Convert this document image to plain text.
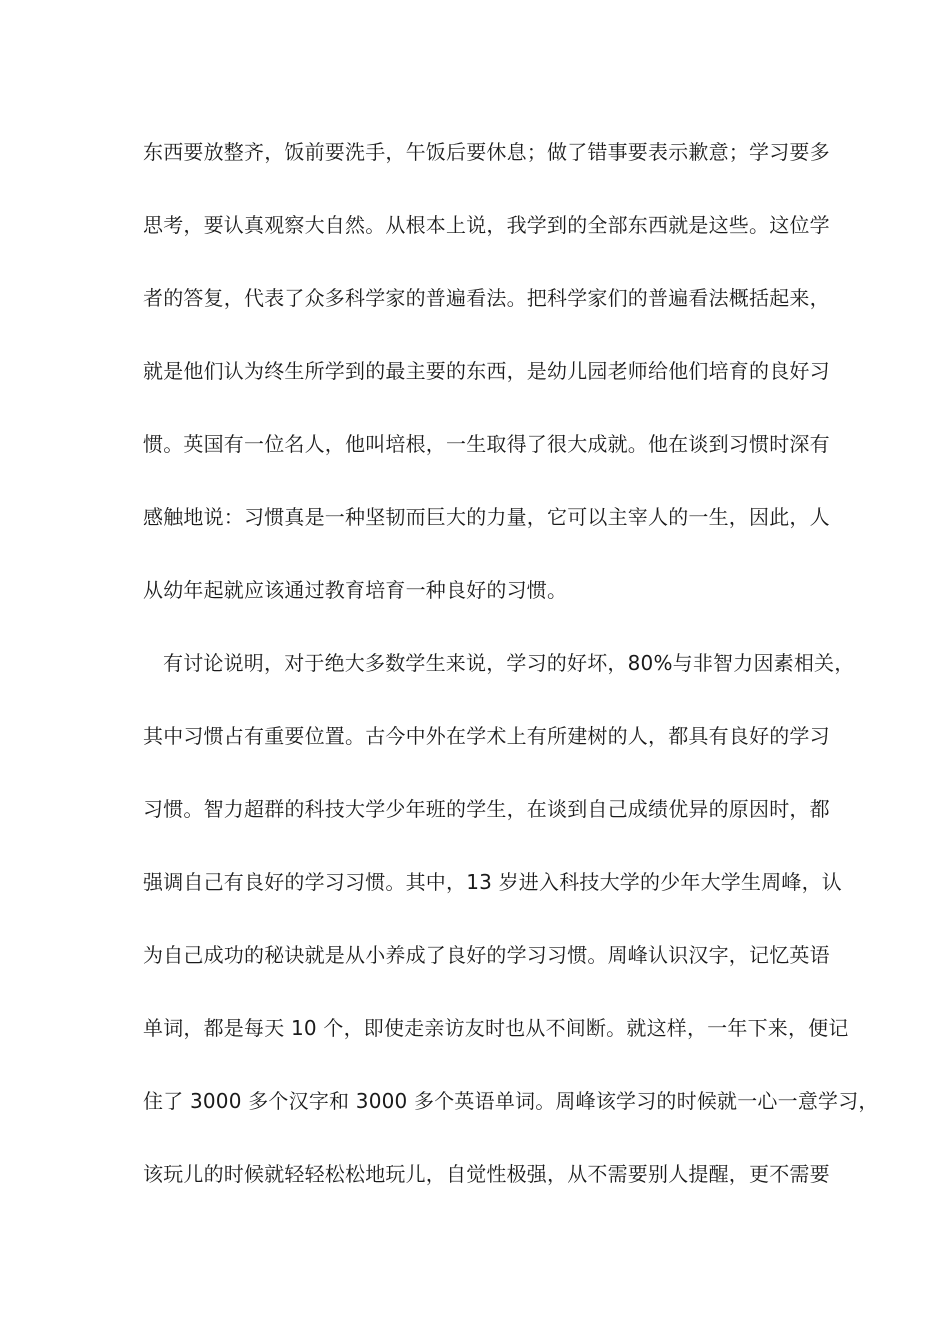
东西要放整齐，饭前要洗手，午饭后要休息；做了错事要表示歉意；学习要多
思考，要认真观察大自然。从根本上说，我学到的全部东西就是这些。这位学
者的答复，代表了众多科学家的普遍看法。把科学家们的普遍看法概括起来，
就是他们认为终生所学到的最主要的东西，是幼儿园老师给他们培育的良好习
惯。英国有一位名人，他叫培根，一生取得了很大成就。他在谈到习惯时深有
感触地说：习惯真是一种坚韧而巨大的力量，它可以主宰人的一生，因此，人
从幼年起就应该通过教育培育一种良好的习惯。
有讨论说明，对于绝大多数学生来说，学习的好坏，80%与非智力因素相关，
其中习惯占有重要位置。古今中外在学术上有所建树的人，都具有良好的学习
习惯。智力超群的科技大学少年班的学生，在谈到自己成绩优异的原因时，都
强调自己有良好的学习习惯。其中，13 岁进入科技大学的少年大学生周峰，认
为自己成功的秘诀就是从小养成了良好的学习习惯。周峰认识汉字，记忆英语
单词，都是每天 10 个，即使走亲访友时也从不间断。就这样，一年下来，便记
住了 3000 多个汉字和 3000 多个英语单词。周峰该学习的时候就一心一意学习，
该玩儿的时候就轻轻松松地玩儿，自觉性极强，从不需要别人提醒，更不需要
